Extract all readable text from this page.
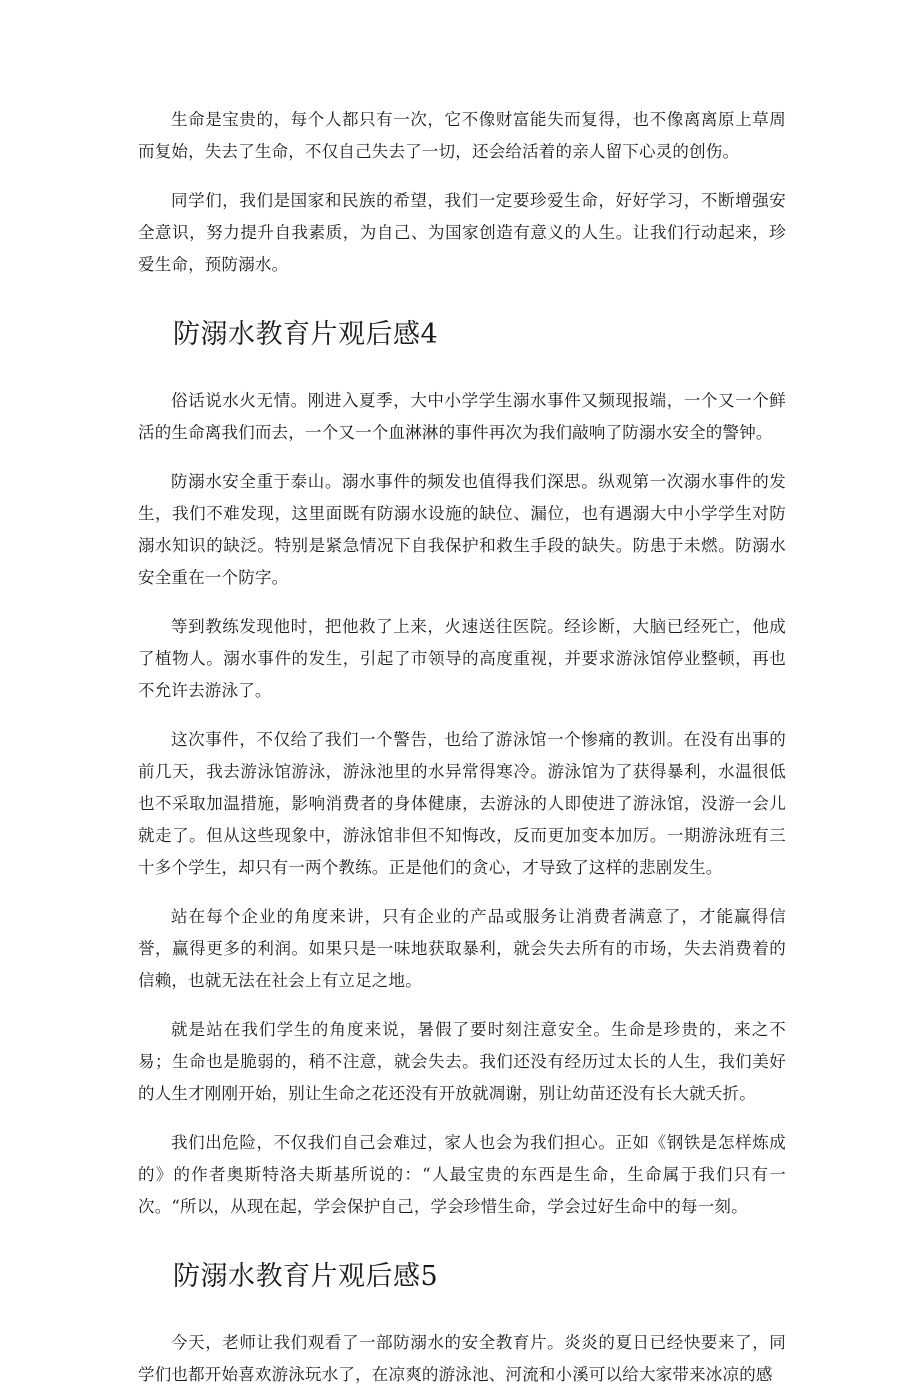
生命是宝贵的，每个人都只有一次，它不像财富能失而复得，也不像离离原上草周而复始，失去了生命，不仅自己失去了一切，还会给活着的亲人留下心灵的创伤。

同学们，我们是国家和民族的希望，我们一定要珍爱生命，好好学习，不断增强安全意识，努力提升自我素质，为自己、为国家创造有意义的人生。让我们行动起来，珍爱生命，预防溺水。

防溺水教育片观后感4

俗话说水火无情。刚进入夏季，大中小学学生溺水事件又频现报端，一个又一个鲜活的生命离我们而去，一个又一个血淋淋的事件再次为我们敲响了防溺水安全的警钟。

防溺水安全重于泰山。溺水事件的频发也值得我们深思。纵观第一次溺水事件的发生，我们不难发现，这里面既有防溺水设施的缺位、漏位，也有遇溺大中小学学生对防溺水知识的缺泛。特别是紧急情况下自我保护和救生手段的缺失。防患于未燃。防溺水安全重在一个防字。

等到教练发现他时，把他救了上来，火速送往医院。经诊断，大脑已经死亡，他成了植物人。溺水事件的发生，引起了市领导的高度重视，并要求游泳馆停业整顿，再也不允许去游泳了。

这次事件，不仅给了我们一个警告，也给了游泳馆一个惨痛的教训。在没有出事的前几天，我去游泳馆游泳，游泳池里的水异常得寒冷。游泳馆为了获得暴利，水温很低也不采取加温措施，影响消费者的身体健康，去游泳的人即使进了游泳馆，没游一会儿就走了。但从这些现象中，游泳馆非但不知悔改，反而更加变本加厉。一期游泳班有三十多个学生，却只有一两个教练。正是他们的贪心，才导致了这样的悲剧发生。

站在每个企业的角度来讲，只有企业的产品或服务让消费者满意了，才能赢得信誉，赢得更多的利润。如果只是一味地获取暴利，就会失去所有的市场，失去消费着的信赖，也就无法在社会上有立足之地。

就是站在我们学生的角度来说，暑假了要时刻注意安全。生命是珍贵的，来之不易；生命也是脆弱的，稍不注意，就会失去。我们还没有经历过太长的人生，我们美好的人生才刚刚开始，别让生命之花还没有开放就凋谢，别让幼苗还没有长大就夭折。

我们出危险，不仅我们自己会难过，家人也会为我们担心。正如《钢铁是怎样炼成的》的作者奥斯特洛夫斯基所说的：“人最宝贵的东西是生命，生命属于我们只有一次。“所以，从现在起，学会保护自己，学会珍惜生命，学会过好生命中的每一刻。

防溺水教育片观后感5

今天，老师让我们观看了一部防溺水的安全教育片。炎炎的夏日已经快要来了，同学们也都开始喜欢游泳玩水了，在凉爽的游泳池、河流和小溪可以给大家带来冰凉的感
